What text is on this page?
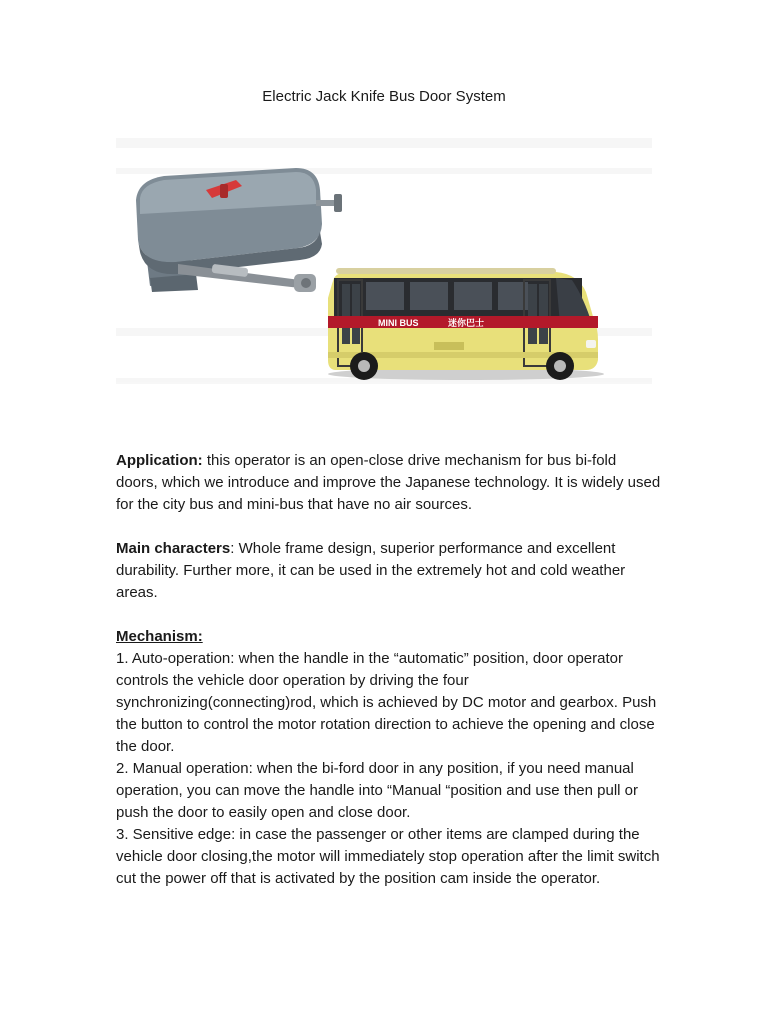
Electric Jack Knife Bus Door System
MINI BUS	迷你巴士

Application: this operator is an open-close drive mechanism for bus bi-fold doors, which we introduce and improve the Japanese technology. It is widely used for the city bus and mini-bus that have no air sources.

Main characters: Whole frame design, superior performance and excellent durability. Further more, it can be used in the extremely hot and cold weather areas.

Mechanism:

1. Auto-operation: when the handle in the “automatic” position, door operator controls the vehicle door operation by driving the four synchronizing(connecting)rod, which is achieved by DC motor and gearbox. Push the button to control the motor rotation direction to achieve the opening and close the door.

2. Manual operation: when the bi-ford door in any position, if you need manual operation, you can move the handle into “Manual “position and use then pull or push the door to easily open and close door.

3. Sensitive edge: in case the passenger or other items are clamped during the vehicle door closing,the motor will immediately stop operation after the limit switch cut the power off that is activated by the position cam inside the operator.
